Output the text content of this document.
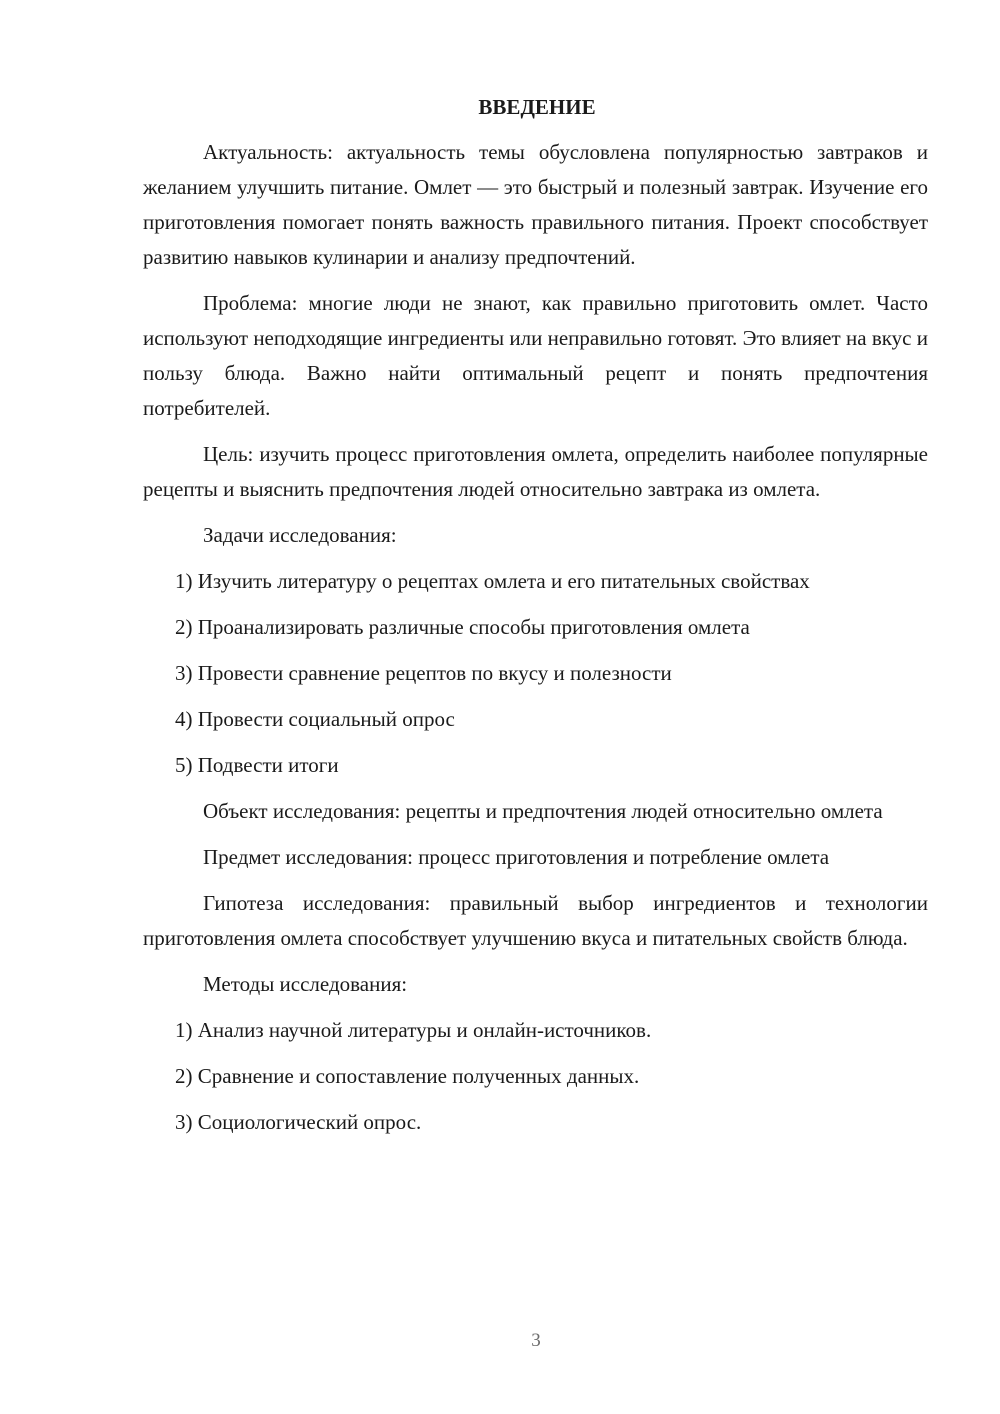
ВВЕДЕНИЕ

Актуальность: актуальность темы обусловлена популярностью завтраков и желанием улучшить питание. Омлет — это быстрый и полезный завтрак. Изучение его приготовления помогает понять важность правильного питания. Проект способствует развитию навыков кулинарии и анализу предпочтений.

Проблема: многие люди не знают, как правильно приготовить омлет. Часто используют неподходящие ингредиенты или неправильно готовят. Это влияет на вкус и пользу блюда. Важно найти оптимальный рецепт и понять предпочтения потребителей.

Цель: изучить процесс приготовления омлета, определить наиболее популярные рецепты и выяснить предпочтения людей относительно завтрака из омлета.

Задачи исследования:
1) Изучить литературу о рецептах омлета и его питательных свойствах
2) Проанализировать различные способы приготовления омлета
3) Провести сравнение рецептов по вкусу и полезности
4) Провести социальный опрос
5) Подвести итоги

Объект исследования: рецепты и предпочтения людей относительно омлета

Предмет исследования: процесс приготовления и потребление омлета

Гипотеза исследования: правильный выбор ингредиентов и технологии приготовления омлета способствует улучшению вкуса и питательных свойств блюда.

Методы исследования:
1) Анализ научной литературы и онлайн-источников.
2) Сравнение и сопоставление полученных данных.
3) Социологический опрос.
3
